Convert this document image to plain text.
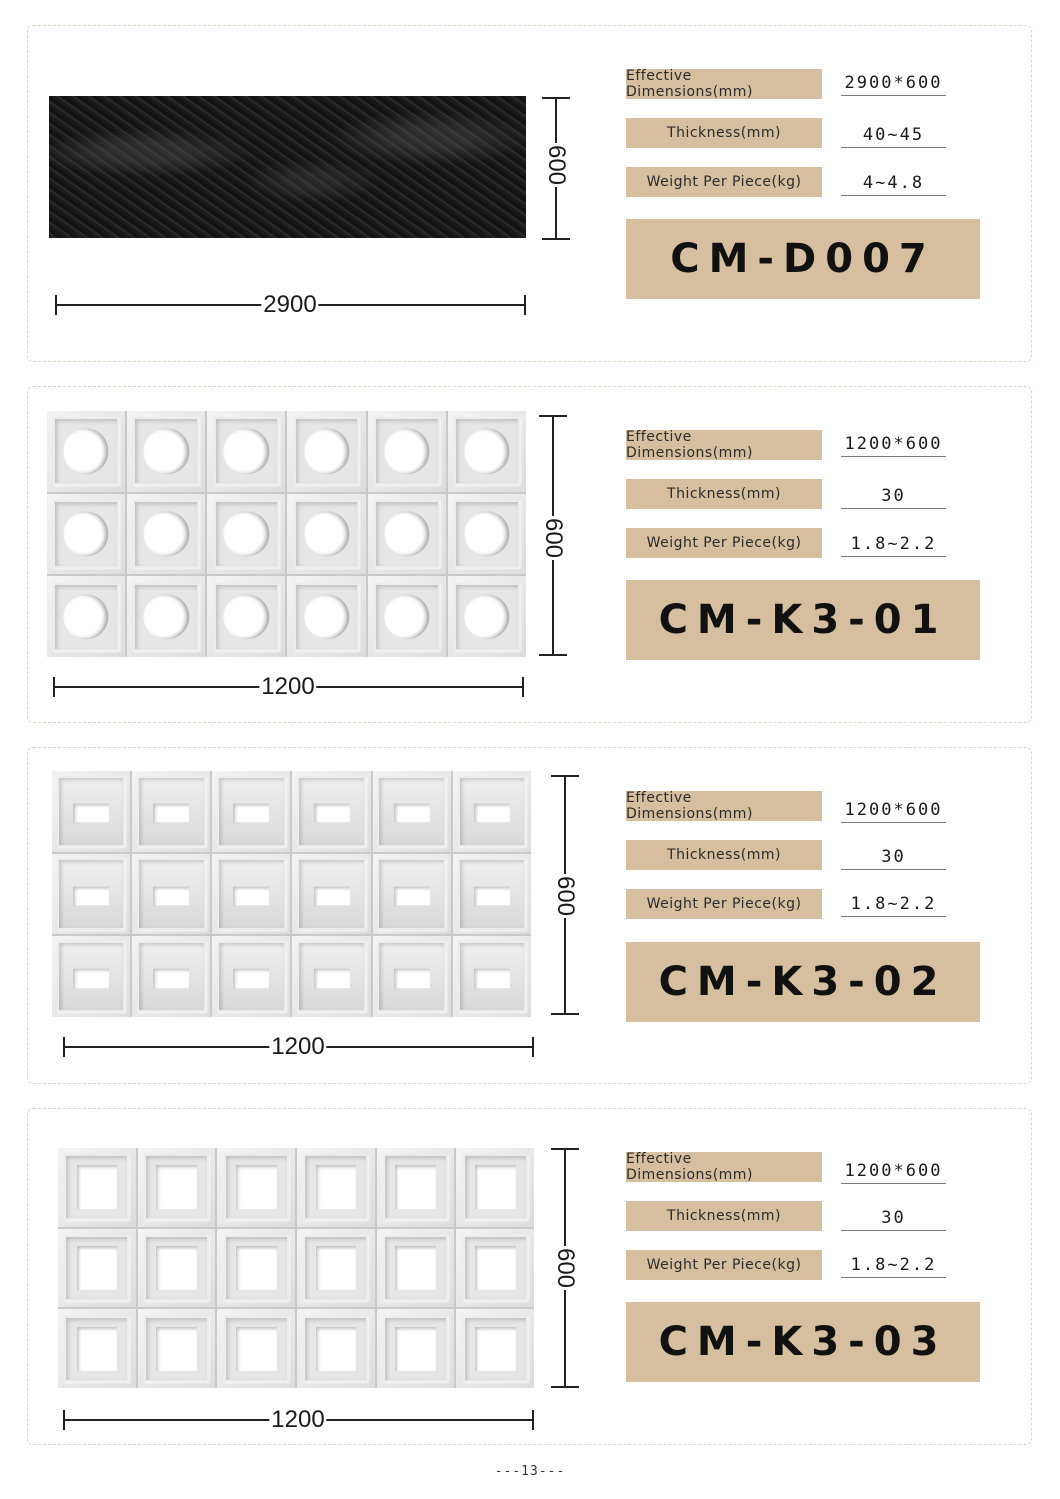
600
2900
Effective Dimensions(mm)	2900*600
Thickness(mm)	40~45
Weight Per Piece(kg)	4~4.8
CM-D007
600
1200
Effective Dimensions(mm)	1200*600
Thickness(mm)	30
Weight Per Piece(kg)	1.8~2.2
CM-K3-01
600
1200
Effective Dimensions(mm)	1200*600
Thickness(mm)	30
Weight Per Piece(kg)	1.8~2.2
CM-K3-02
600
1200
Effective Dimensions(mm)	1200*600
Thickness(mm)	30
Weight Per Piece(kg)	1.8~2.2
CM-K3-03
---13---
